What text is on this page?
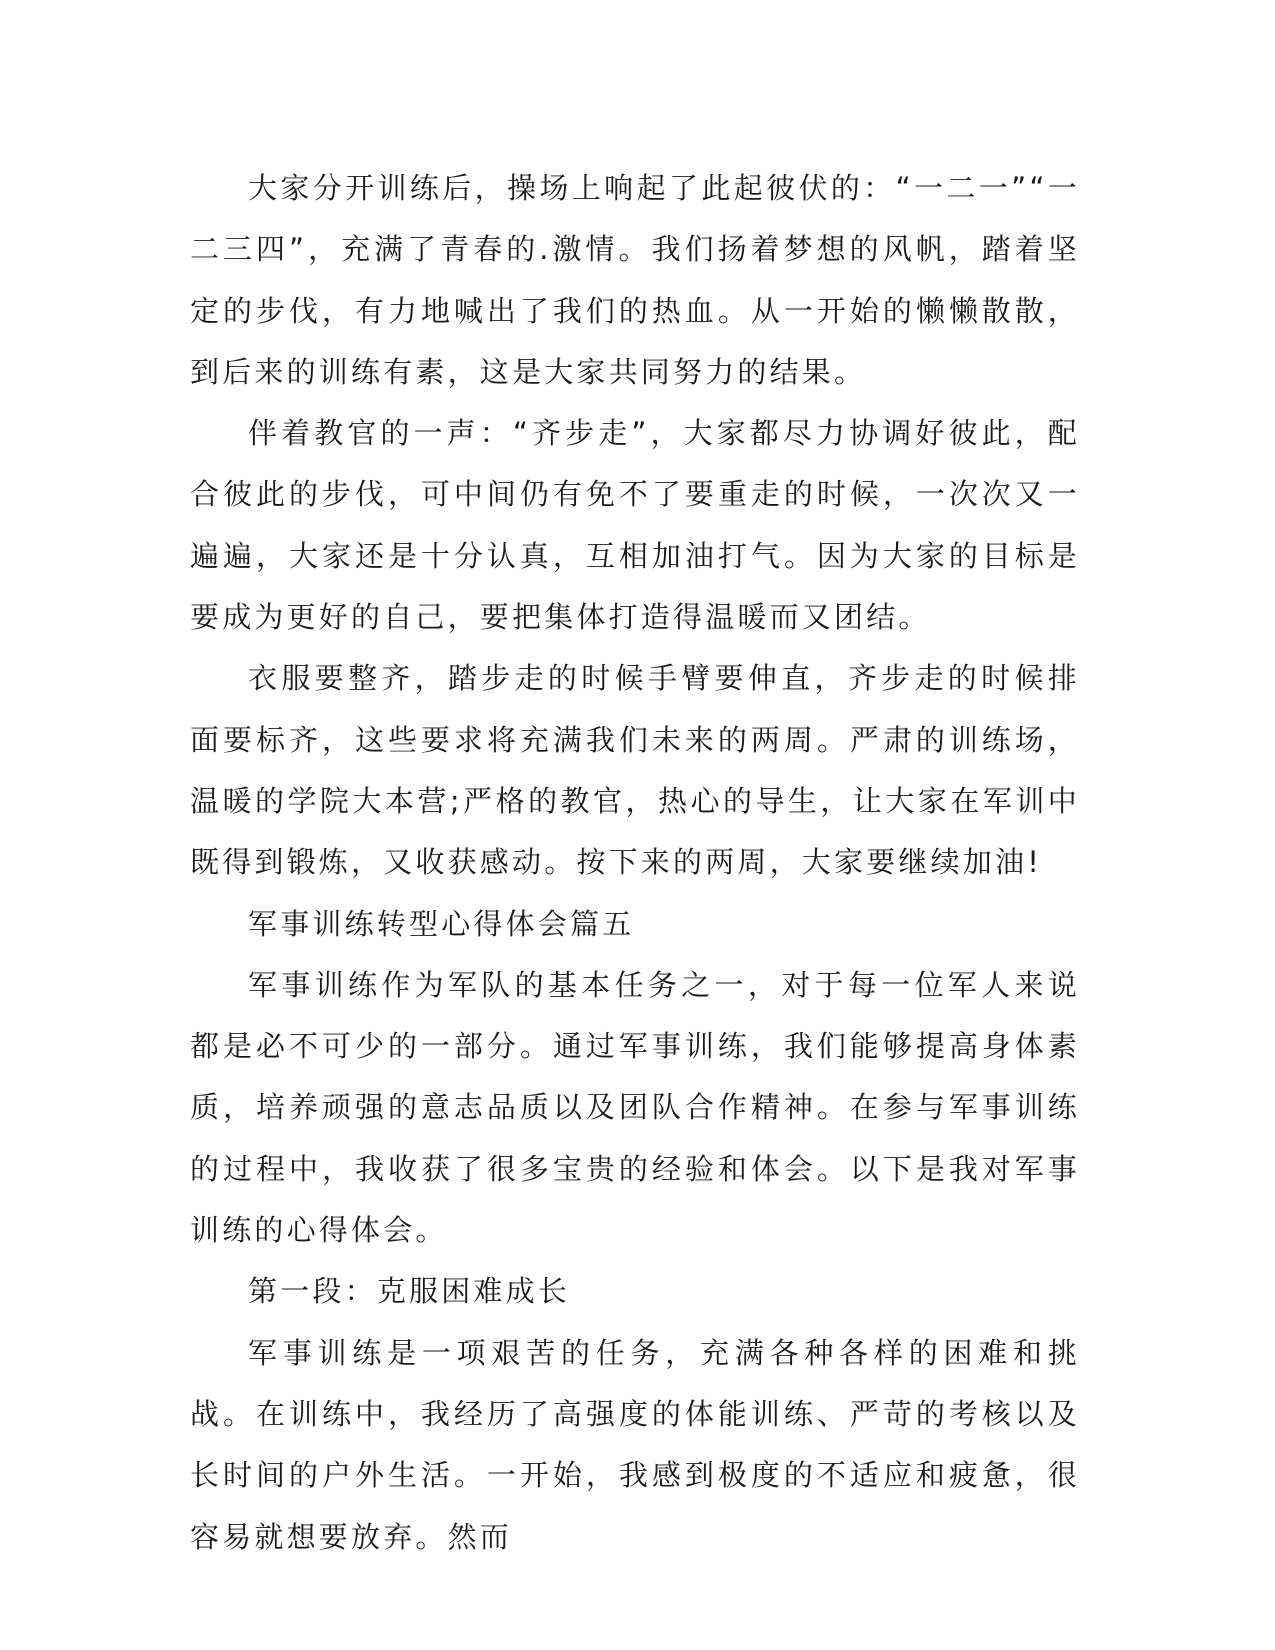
大家分开训练后，操场上响起了此起彼伏的：“一二一”“一二三四”，充满了青春的.激情。我们扬着梦想的风帆，踏着坚定的步伐，有力地喊出了我们的热血。从一开始的懒懒散散，到后来的训练有素，这是大家共同努力的结果。

伴着教官的一声：“齐步走”，大家都尽力协调好彼此，配合彼此的步伐，可中间仍有免不了要重走的时候，一次次又一遍遍，大家还是十分认真，互相加油打气。因为大家的目标是要成为更好的自己，要把集体打造得温暖而又团结。

衣服要整齐，踏步走的时候手臂要伸直，齐步走的时候排面要标齐，这些要求将充满我们未来的两周。严肃的训练场，温暖的学院大本营;严格的教官，热心的导生，让大家在军训中既得到锻炼，又收获感动。按下来的两周，大家要继续加油!

军事训练转型心得体会篇五

军事训练作为军队的基本任务之一，对于每一位军人来说都是必不可少的一部分。通过军事训练，我们能够提高身体素质，培养顽强的意志品质以及团队合作精神。在参与军事训练的过程中，我收获了很多宝贵的经验和体会。以下是我对军事训练的心得体会。

第一段：克服困难成长

军事训练是一项艰苦的任务，充满各种各样的困难和挑战。在训练中，我经历了高强度的体能训练、严苛的考核以及长时间的户外生活。一开始，我感到极度的不适应和疲惫，很容易就想要放弃。然而
